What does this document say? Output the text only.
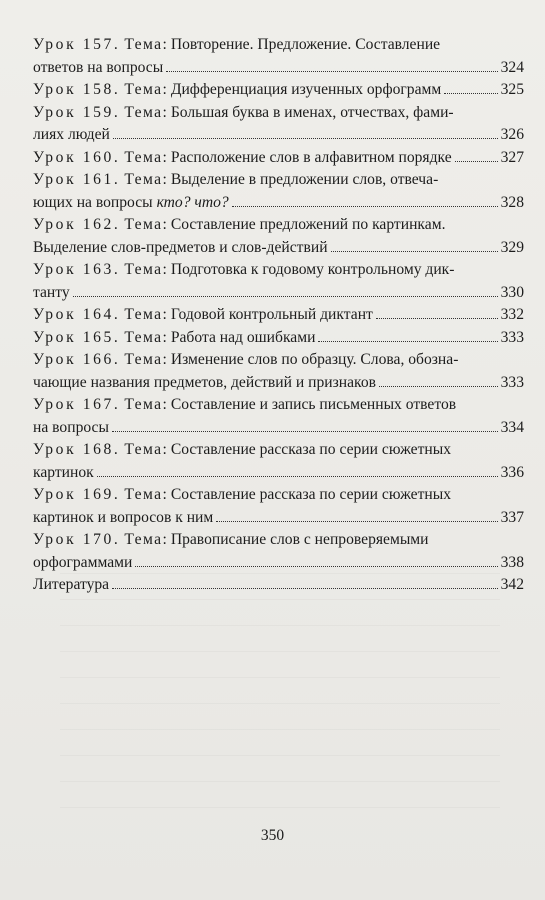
Урок 157.
Тема : Повторение. Предложение. Составление
ответов на вопросы	324
Урок 158.
Тема : Дифференциация изученных орфограмм	325
Урок 159.
Тема : Большая буква в именах, отчествах, фами-
лиях людей	326
Урок 160.
Тема : Расположение слов в алфавитном порядке	327
Урок 161.
Тема : Выделение в предложении слов, отвеча-
ющих на вопросы
кто? что?	328
Урок 162.
Тема : Составление предложений по картинкам.
Выделение слов-предметов и слов-действий	329
Урок 163.
Тема : Подготовка к годовому контрольному дик-
танту	330
Урок 164.
Тема : Годовой контрольный диктант	332
Урок 165.
Тема : Работа над ошибками	333
Урок 166.
Тема : Изменение слов по образцу. Слова, обозна-
чающие названия предметов, действий и признаков	333
Урок 167.
Тема : Составление и запись письменных ответов
на вопросы	334
Урок 168.
Тема : Составление рассказа по серии сюжетных
картинок	336
Урок 169.
Тема : Составление рассказа по серии сюжетных
картинок и вопросов к ним	337
Урок 170.
Тема : Правописание слов с непроверяемыми
орфограммами	338
Литература	342
350
